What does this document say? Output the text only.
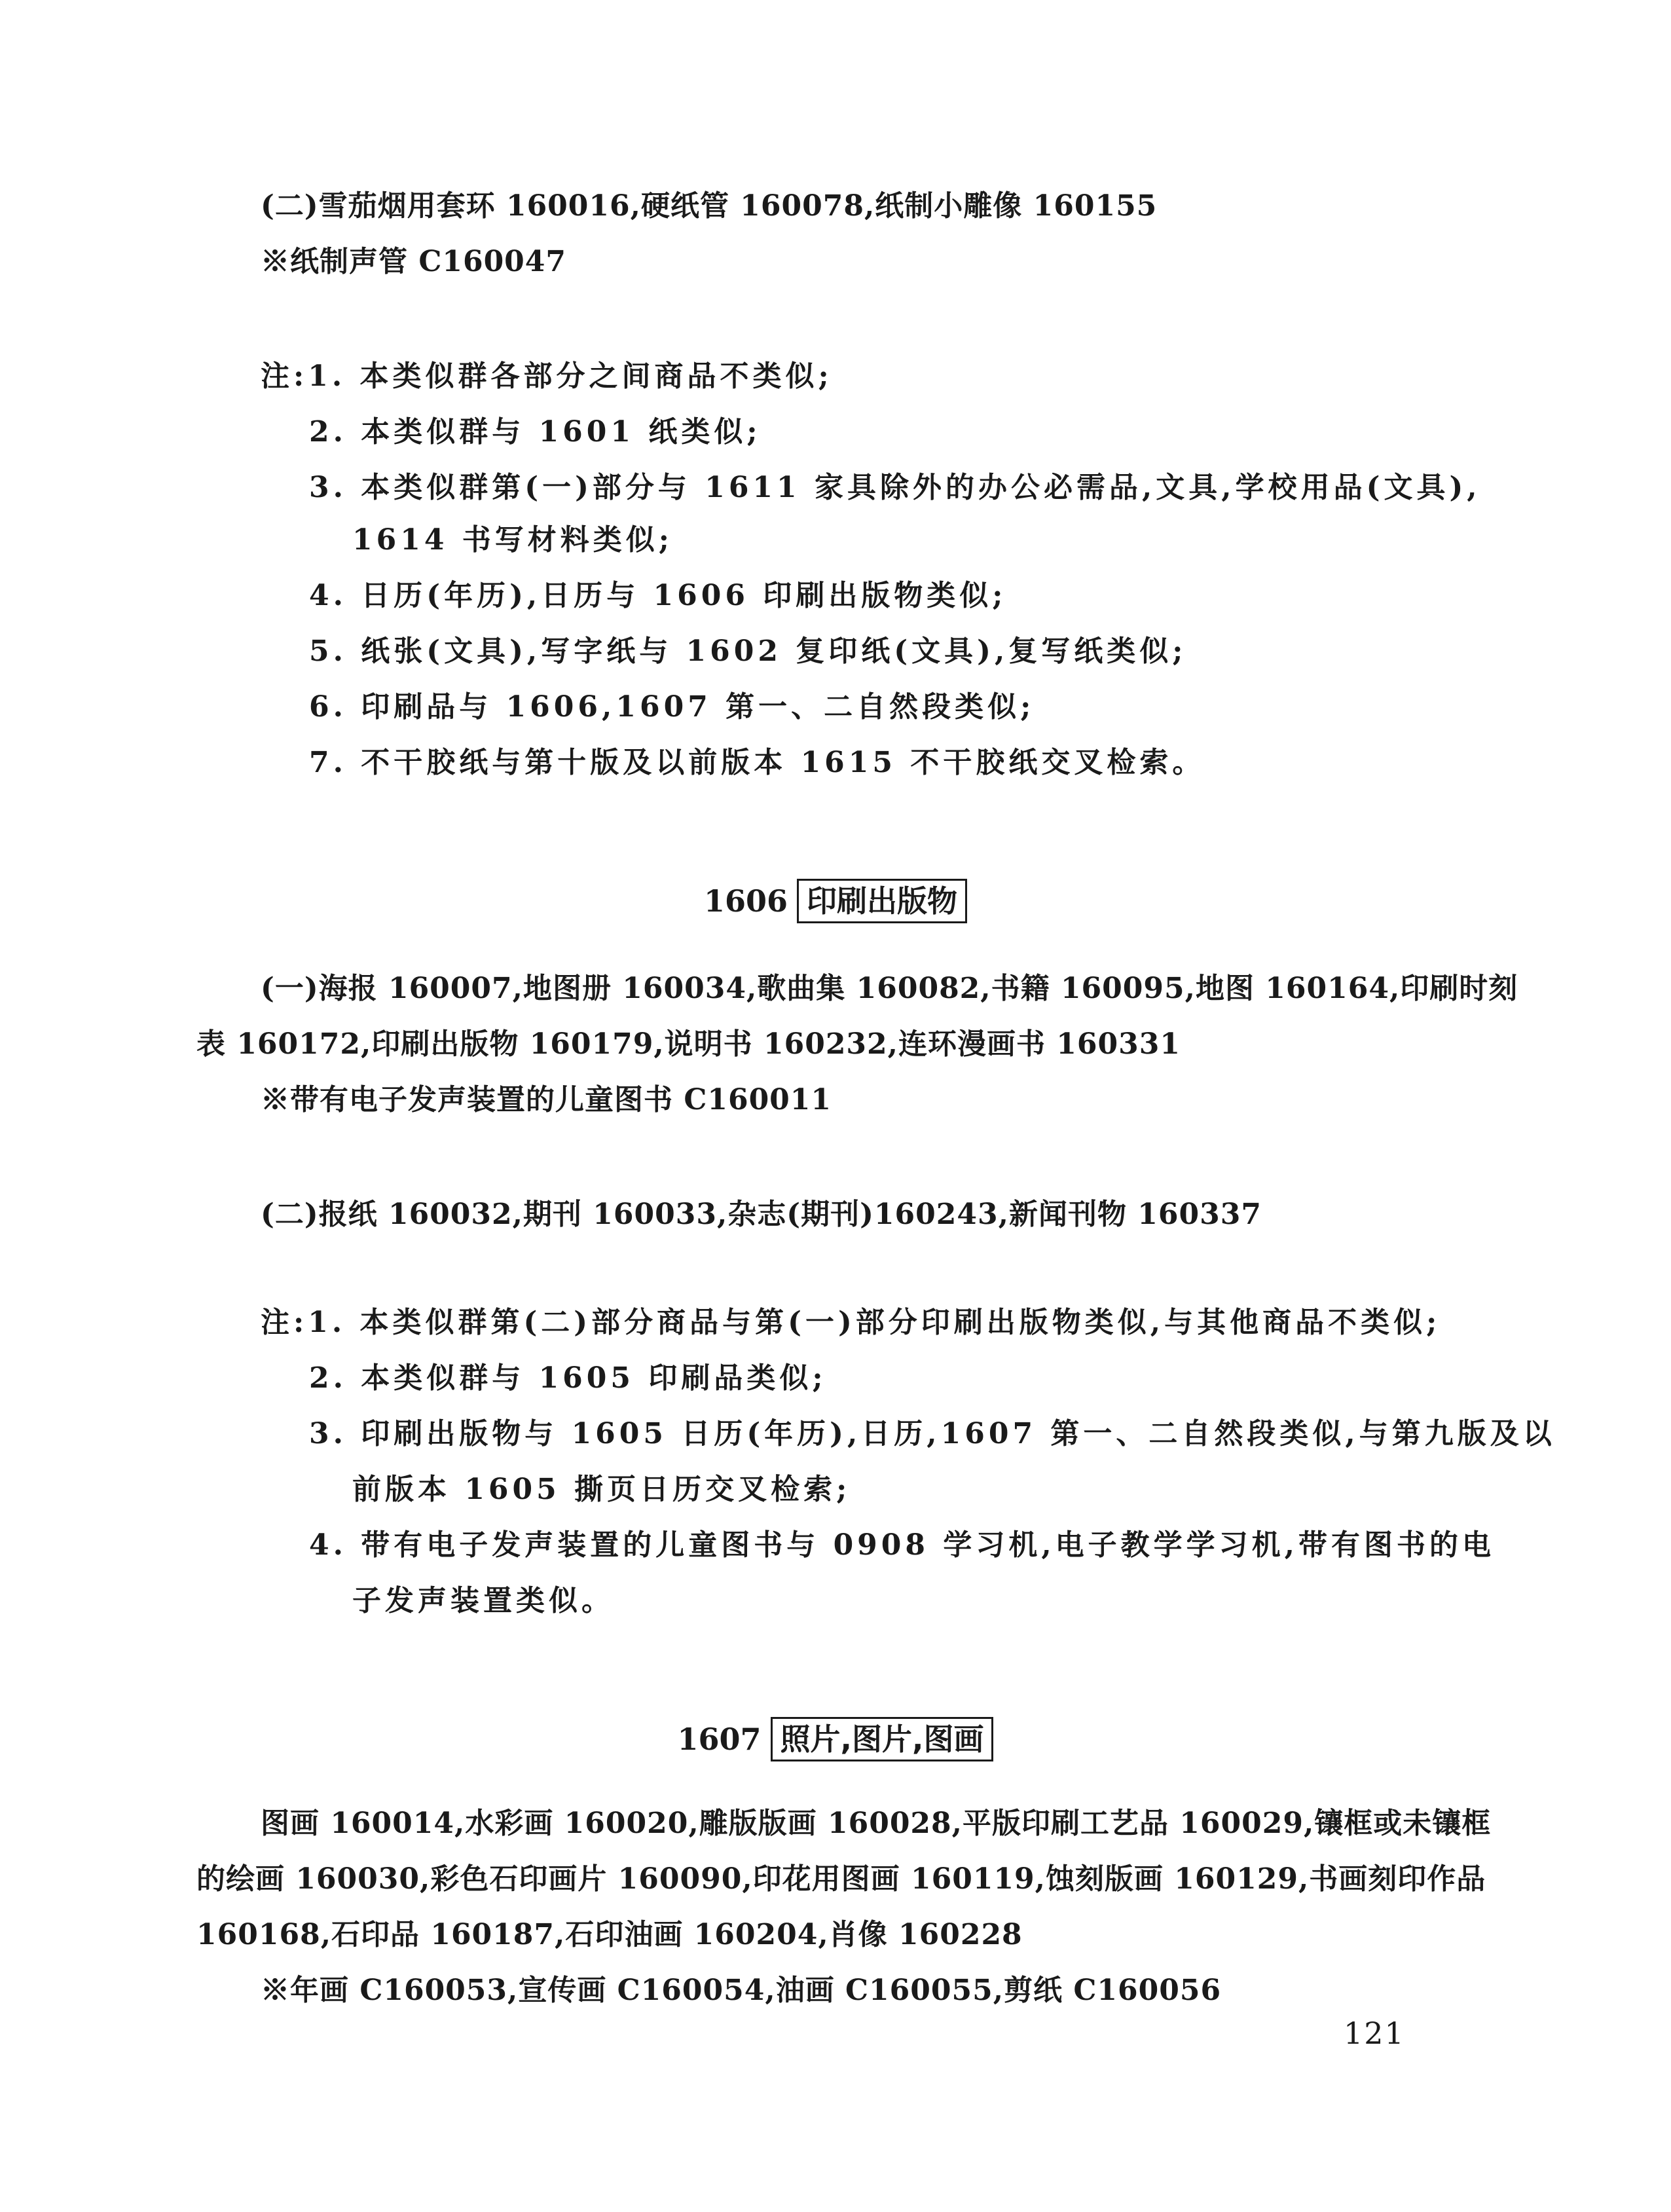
(二)雪茄烟用套环 160016,硬纸管 160078,纸制小雕像 160155
※纸制声管 C160047
注:1. 本类似群各部分之间商品不类似;
2. 本类似群与 1601 纸类似;
3. 本类似群第(一)部分与 1611 家具除外的办公必需品,文具,学校用品(文具),
1614 书写材料类似;
4. 日历(年历),日历与 1606 印刷出版物类似;
5. 纸张(文具),写字纸与 1602 复印纸(文具),复写纸类似;
6. 印刷品与 1606,1607 第一、二自然段类似;
7. 不干胶纸与第十版及以前版本 1615 不干胶纸交叉检索。
1606 印刷出版物
(一)海报 160007,地图册 160034,歌曲集 160082,书籍 160095,地图 160164,印刷时刻
表 160172,印刷出版物 160179,说明书 160232,连环漫画书 160331
※带有电子发声装置的儿童图书 C160011
(二)报纸 160032,期刊 160033,杂志(期刊)160243,新闻刊物 160337
注:1. 本类似群第(二)部分商品与第(一)部分印刷出版物类似,与其他商品不类似;
2. 本类似群与 1605 印刷品类似;
3. 印刷出版物与 1605 日历(年历),日历,1607 第一、二自然段类似,与第九版及以
前版本 1605 撕页日历交叉检索;
4. 带有电子发声装置的儿童图书与 0908 学习机,电子教学学习机,带有图书的电
子发声装置类似。
1607 照片,图片,图画
图画 160014,水彩画 160020,雕版版画 160028,平版印刷工艺品 160029,镶框或未镶框
的绘画 160030,彩色石印画片 160090,印花用图画 160119,蚀刻版画 160129,书画刻印作品
160168,石印品 160187,石印油画 160204,肖像 160228
※年画 C160053,宣传画 C160054,油画 C160055,剪纸 C160056
121
